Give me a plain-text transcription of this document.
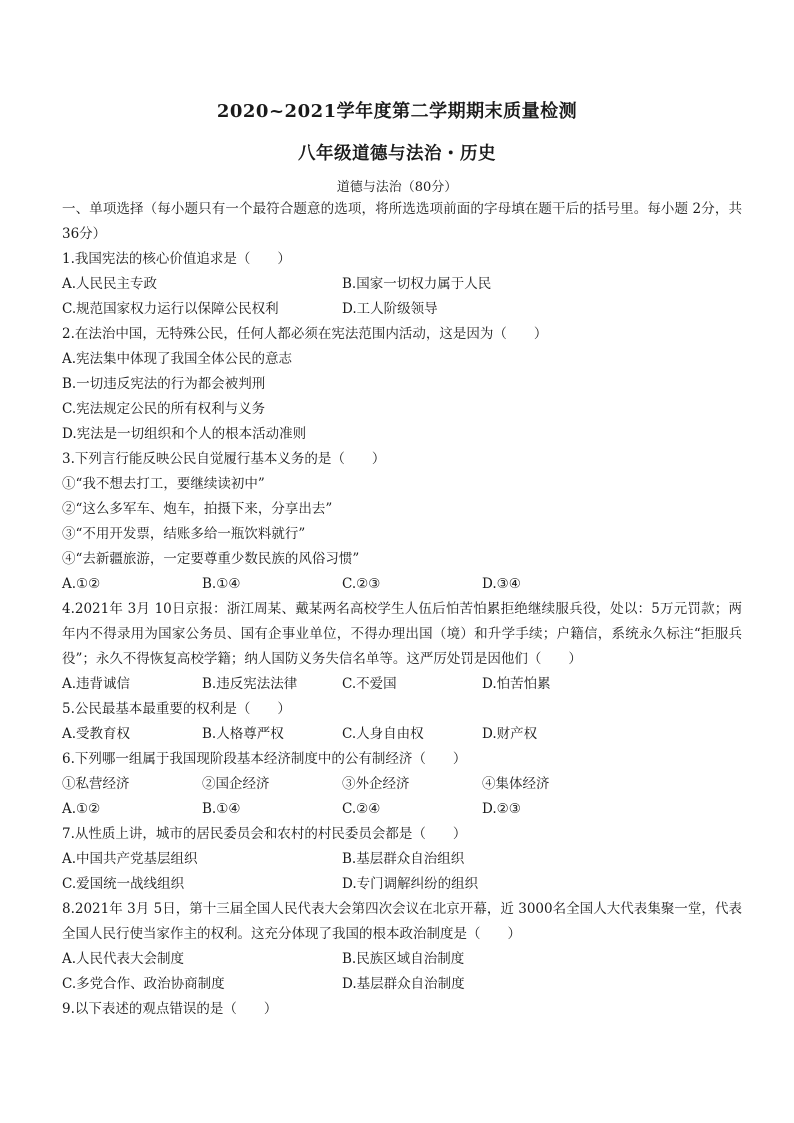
2020~2021学年度第二学期期末质量检测
八年级道德与法治・历史
道德与法治（80分）
一、单项选择（每小题只有一个最符合题意的选项，将所选选项前面的字母填在题干后的括号里。每小题 2分，共 36分）
1.我国宪法的核心价值追求是（　　）
A.人民民主专政	B.国家一切权力属于人民
C.规范国家权力运行以保障公民权利	D.工人阶级领导
2.在法治中国，无特殊公民，任何人都必须在宪法范围内活动，这是因为（　　）
A.宪法集中体现了我国全体公民的意志
B.一切违反宪法的行为都会被判刑
C.宪法规定公民的所有权利与义务
D.宪法是一切组织和个人的根本活动准则
3.下列言行能反映公民自觉履行基本义务的是（　　）
①“我不想去打工，要继续读初中”
②“这么多军车、炮车，拍摄下来，分享出去”
③“不用开发票，结账多给一瓶饮料就行”
④“去新疆旅游，一定要尊重少数民族的风俗习惯”
A.①②	B.①④	C.②③	D.③④
4.2021年 3月 10日京报：浙江周某、戴某两名高校学生人伍后怕苦怕累拒绝继续服兵役，处以：5万元罚款；两年内不得录用为国家公务员、国有企事业单位，不得办理出国（境）和升学手续；户籍信，系统永久标注“拒服兵役”；永久不得恢复高校学籍；纳人国防义务失信名单等。这严厉处罚是因他们（　　）
A.违背诚信	B.违反宪法法律	C.不爱国	D.怕苦怕累
5.公民最基本最重要的权利是（　　）
A.受教育权	B.人格尊严权	C.人身自由权	D.财产权
6.下列哪一组属于我国现阶段基本经济制度中的公有制经济（　　）
①私营经济	②国企经济	③外企经济	④集体经济
A.①②	B.①④	C.②④	D.②③
7.从性质上讲，城市的居民委员会和农村的村民委员会都是（　　）
A.中国共产党基层组织	B.基层群众自治组织
C.爱国统一战线组织	D.专门调解纠纷的组织
8.2021年 3月 5日，第十三届全国人民代表大会第四次会议在北京开幕，近 3000名全国人大代表集聚一堂，代表全国人民行使当家作主的权利。这充分体现了我国的根本政治制度是（　　）
A.人民代表大会制度	B.民族区域自治制度
C.多党合作、政治协商制度	D.基层群众自治制度
9.以下表述的观点错误的是（　　）
